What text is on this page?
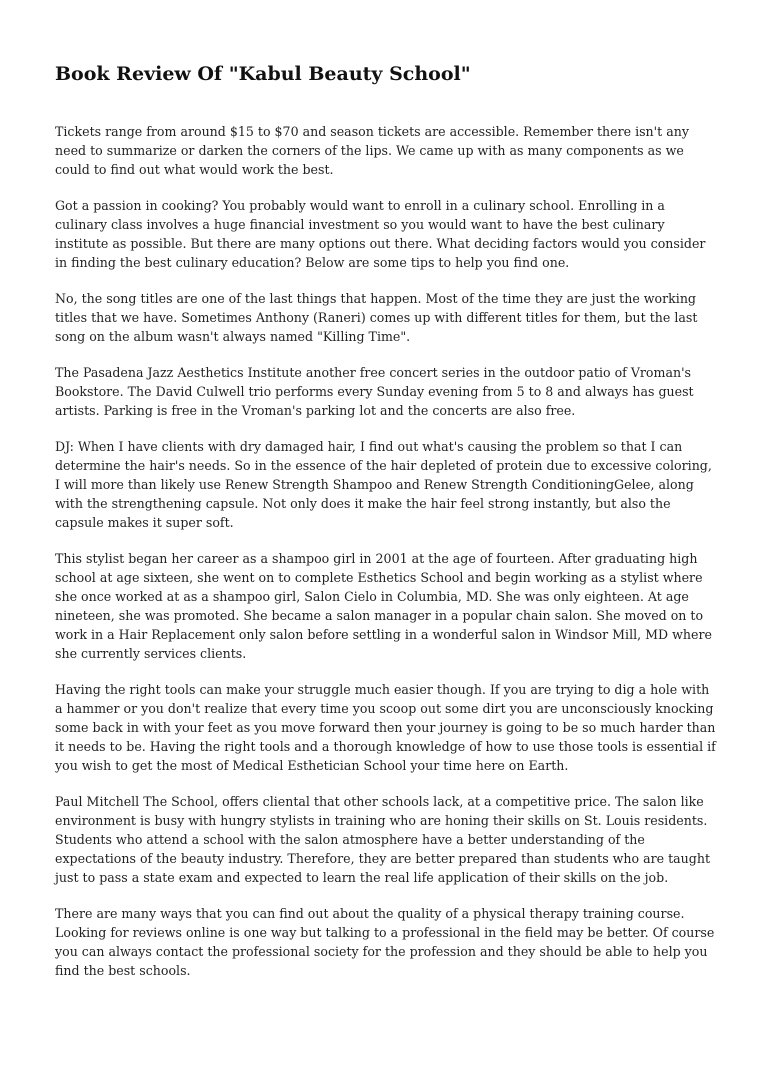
Book Review Of "Kabul Beauty School"

Tickets range from around $15 to $70 and season tickets are accessible. Remember there isn't any need to summarize or darken the corners of the lips. We came up with as many components as we could to find out what would work the best.

Got a passion in cooking? You probably would want to enroll in a culinary school. Enrolling in a culinary class involves a huge financial investment so you would want to have the best culinary institute as possible. But there are many options out there. What deciding factors would you consider in finding the best culinary education? Below are some tips to help you find one.

No, the song titles are one of the last things that happen. Most of the time they are just the working titles that we have. Sometimes Anthony (Raneri) comes up with different titles for them, but the last song on the album wasn't always named "Killing Time".

The Pasadena Jazz Aesthetics Institute another free concert series in the outdoor patio of Vroman's Bookstore. The David Culwell trio performs every Sunday evening from 5 to 8 and always has guest artists. Parking is free in the Vroman's parking lot and the concerts are also free.

DJ: When I have clients with dry damaged hair, I find out what's causing the problem so that I can determine the hair's needs. So in the essence of the hair depleted of protein due to excessive coloring, I will more than likely use Renew Strength Shampoo and Renew Strength ConditioningGelee, along with the strengthening capsule. Not only does it make the hair feel strong instantly, but also the capsule makes it super soft.

This stylist began her career as a shampoo girl in 2001 at the age of fourteen. After graduating high school at age sixteen, she went on to complete Esthetics School and begin working as a stylist where she once worked at as a shampoo girl, Salon Cielo in Columbia, MD. She was only eighteen. At age nineteen, she was promoted. She became a salon manager in a popular chain salon. She moved on to work in a Hair Replacement only salon before settling in a wonderful salon in Windsor Mill, MD where she currently services clients.

Having the right tools can make your struggle much easier though. If you are trying to dig a hole with a hammer or you don't realize that every time you scoop out some dirt you are unconsciously knocking some back in with your feet as you move forward then your journey is going to be so much harder than it needs to be. Having the right tools and a thorough knowledge of how to use those tools is essential if you wish to get the most of Medical Esthetician School your time here on Earth.

Paul Mitchell The School, offers cliental that other schools lack, at a competitive price. The salon like environment is busy with hungry stylists in training who are honing their skills on St. Louis residents. Students who attend a school with the salon atmosphere have a better understanding of the expectations of the beauty industry. Therefore, they are better prepared than students who are taught just to pass a state exam and expected to learn the real life application of their skills on the job.

There are many ways that you can find out about the quality of a physical therapy training course. Looking for reviews online is one way but talking to a professional in the field may be better. Of course you can always contact the professional society for the profession and they should be able to help you find the best schools.
